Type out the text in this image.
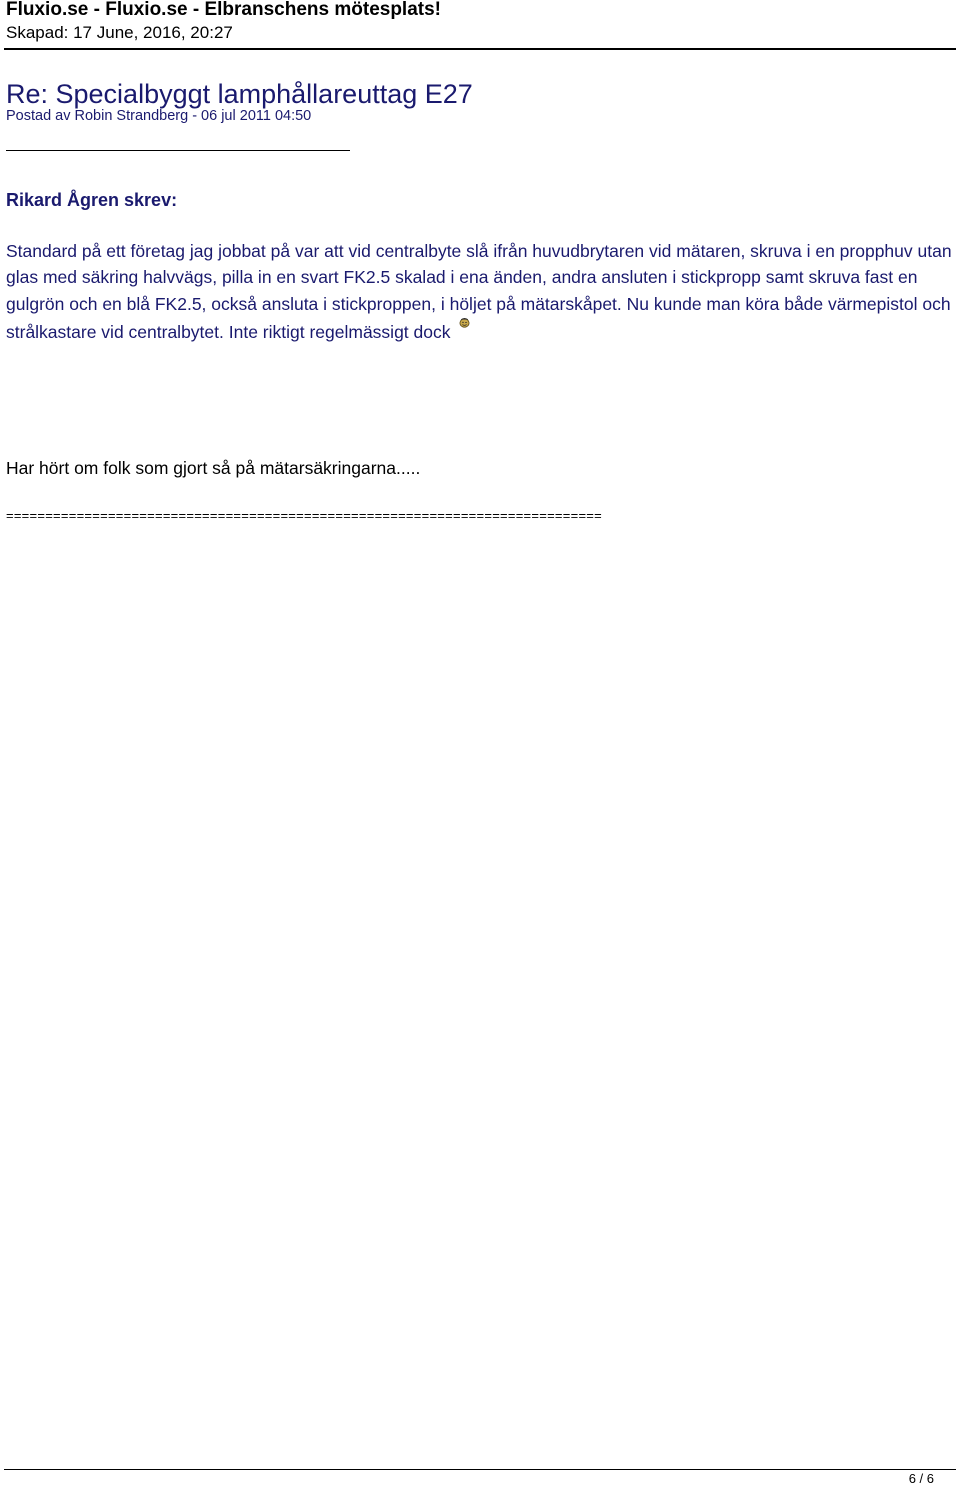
Fluxio.se - Fluxio.se - Elbranschens mötesplats!
Skapad: 17 June, 2016, 20:27
Re: Specialbyggt lamphållareuttag E27
Postad av Robin Strandberg - 06 jul 2011 04:50
Rikard Ågren skrev:

Standard på ett företag jag jobbat på var att vid centralbyte slå ifrån huvudbrytaren vid mätaren, skruva i en propphuv utan glas med säkring halvvägs, pilla in en svart FK2.5 skalad i ena änden, andra ansluten i stickpropp samt skruva fast en gulgrön och en blå FK2.5, också ansluta i stickproppen, i höljet på mätarskåpet. Nu kunde man köra både värmepistol och strålkastare vid centralbytet. Inte riktigt regelmässigt dock

Har hört om folk som gjort så på mätarsäkringarna.....
============================================================================
6 / 6
